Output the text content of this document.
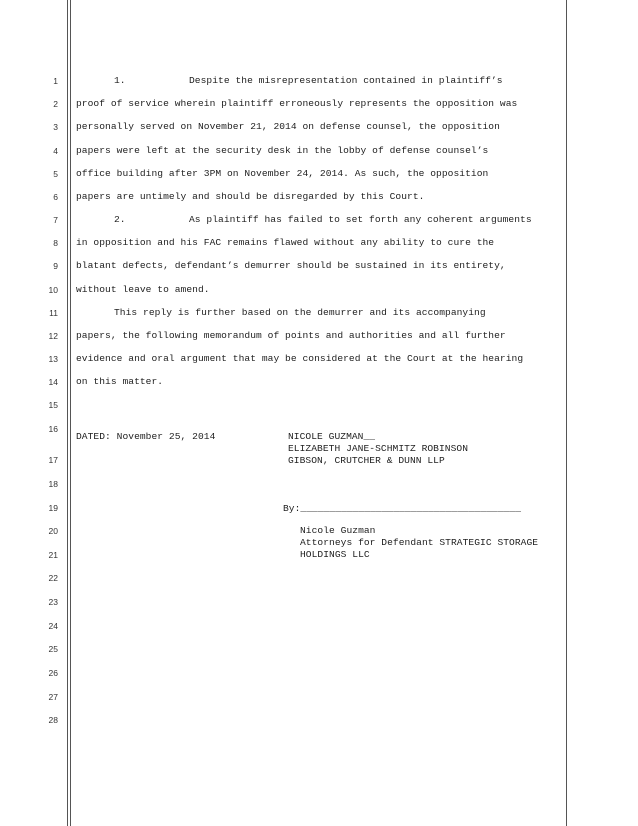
1
2
3
4
5
6
7
8
9
10
11
12
13
14
15
16
17
18
19
20
21
22
23
24
25
26
27
28
1.	Despite the misrepresentation contained in plaintiff’s
proof of service wherein plaintiff erroneously represents the opposition was
personally served on November 21, 2014 on defense counsel, the opposition
papers were left at the security desk in the lobby of defense counsel’s
office building after 3PM on November 24, 2014. As such, the opposition
papers are untimely and should be disregarded by this Court.
2.	As plaintiff has failed to set forth any coherent arguments
in opposition and his FAC remains flawed without any ability to cure the
blatant defects, defendant’s demurrer should be sustained in its entirety,
without leave to amend.
This reply is further based on the demurrer and its accompanying
papers, the following memorandum of points and authorities and all further
evidence and oral argument that may be considered at the Court at the hearing
on this matter.
DATED: November 25, 2014	NICOLE GUZMAN__
ELIZABETH JANE-SCHMITZ ROBINSON
GIBSON, CRUTCHER & DUNN LLP
By:______________________________________
Nicole Guzman
Attorneys for Defendant STRATEGIC STORAGE
HOLDINGS LLC
